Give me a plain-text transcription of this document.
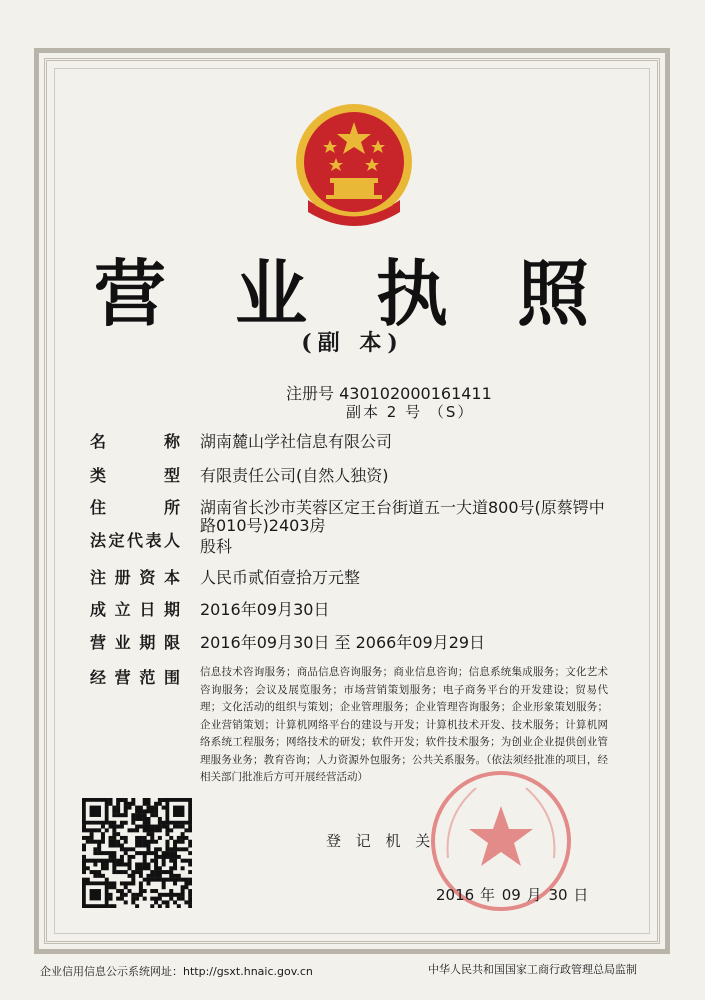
营 业 执 照
(副 本)
注册号 430102000161411
副本 2 号 （S）
名	称 湖南麓山学社信息有限公司
类	型 有限责任公司(自然人独资)
住	所 湖南省长沙市芙蓉区定王台街道五一大道800号(原蔡锷中
路010号)2403房
法 定 代 表 人 殷科
注 册 资 本 人民币贰佰壹拾万元整
成 立 日 期 2016年09月30日
营 业 期 限 2016年09月30日 至 2066年09月29日
经 营 范 围 信息技术咨询服务；商品信息咨询服务；商业信息咨询；信息系统集成服务；文化艺术咨询服务；会议及展览服务；市场营销策划服务；电子商务平台的开发建设；贸易代理；文化活动的组织与策划；企业管理服务；企业管理咨询服务；企业形象策划服务；企业营销策划；计算机网络平台的建设与开发；计算机技术开发、技术服务；计算机网络系统工程服务；网络技术的研发；软件开发；软件技术服务；为创业企业提供创业管理服务业务；教育咨询；人力资源外包服务；公共关系服务。（依法须经批准的项目，经相关部门批准后方可开展经营活动）
登 记 机 关
2016 年 09 月 30 日
企业信用信息公示系统网址：http://gsxt.hnaic.gov.cn	中华人民共和国国家工商行政管理总局监制
